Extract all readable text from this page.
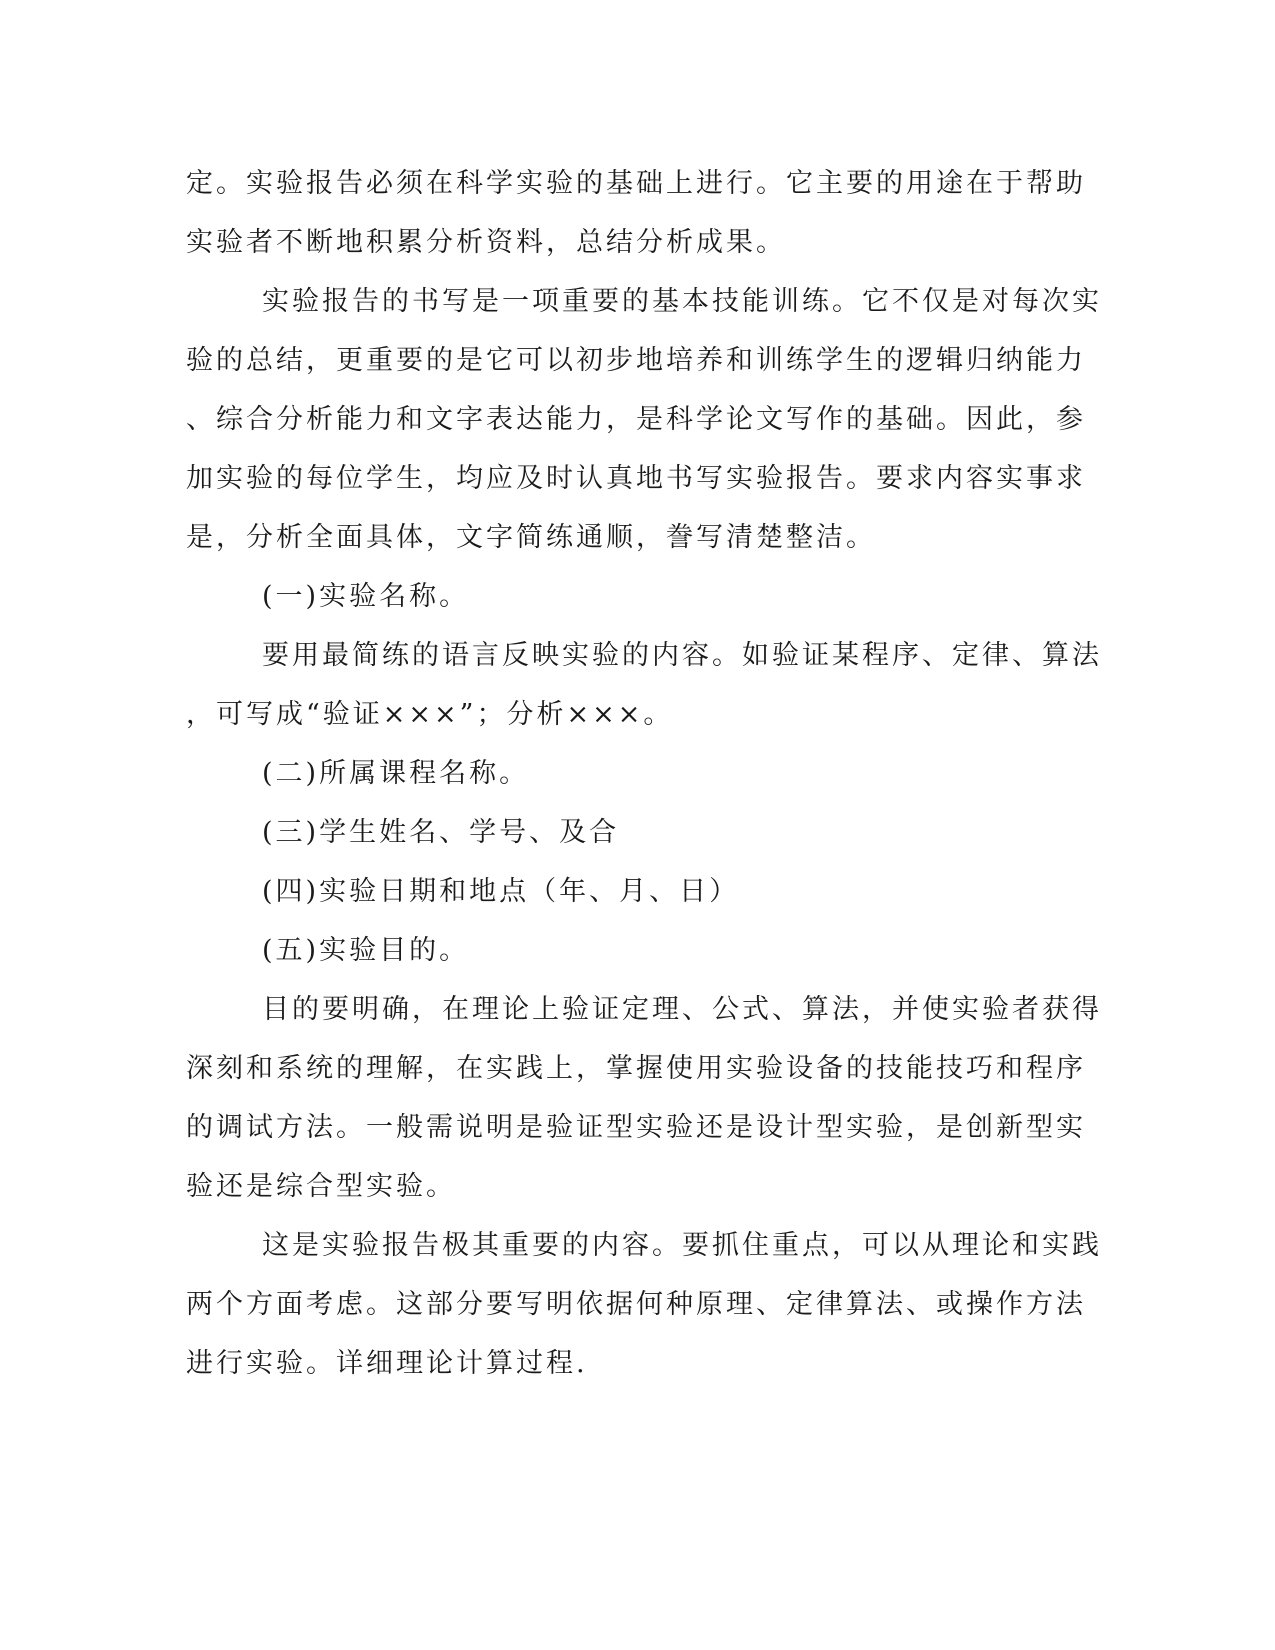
定。实验报告必须在科学实验的基础上进行。它主要的用途在于帮助
实验者不断地积累分析资料，总结分析成果。
实验报告的书写是一项重要的基本技能训练。它不仅是对每次实
验的总结，更重要的是它可以初步地培养和训练学生的逻辑归纳能力
、综合分析能力和文字表达能力，是科学论文写作的基础。因此，参
加实验的每位学生，均应及时认真地书写实验报告。要求内容实事求
是，分析全面具体，文字简练通顺，誊写清楚整洁。
(一)实验名称。
要用最简练的语言反映实验的内容。如验证某程序、定律、算法
，可写成“验证×××”；分析×××。
(二)所属课程名称。
(三)学生姓名、学号、及合
(四)实验日期和地点（年、月、日）
(五)实验目的。
目的要明确，在理论上验证定理、公式、算法，并使实验者获得
深刻和系统的理解，在实践上，掌握使用实验设备的技能技巧和程序
的调试方法。一般需说明是验证型实验还是设计型实验，是创新型实
验还是综合型实验。
这是实验报告极其重要的内容。要抓住重点，可以从理论和实践
两个方面考虑。这部分要写明依据何种原理、定律算法、或操作方法
进行实验。详细理论计算过程.
